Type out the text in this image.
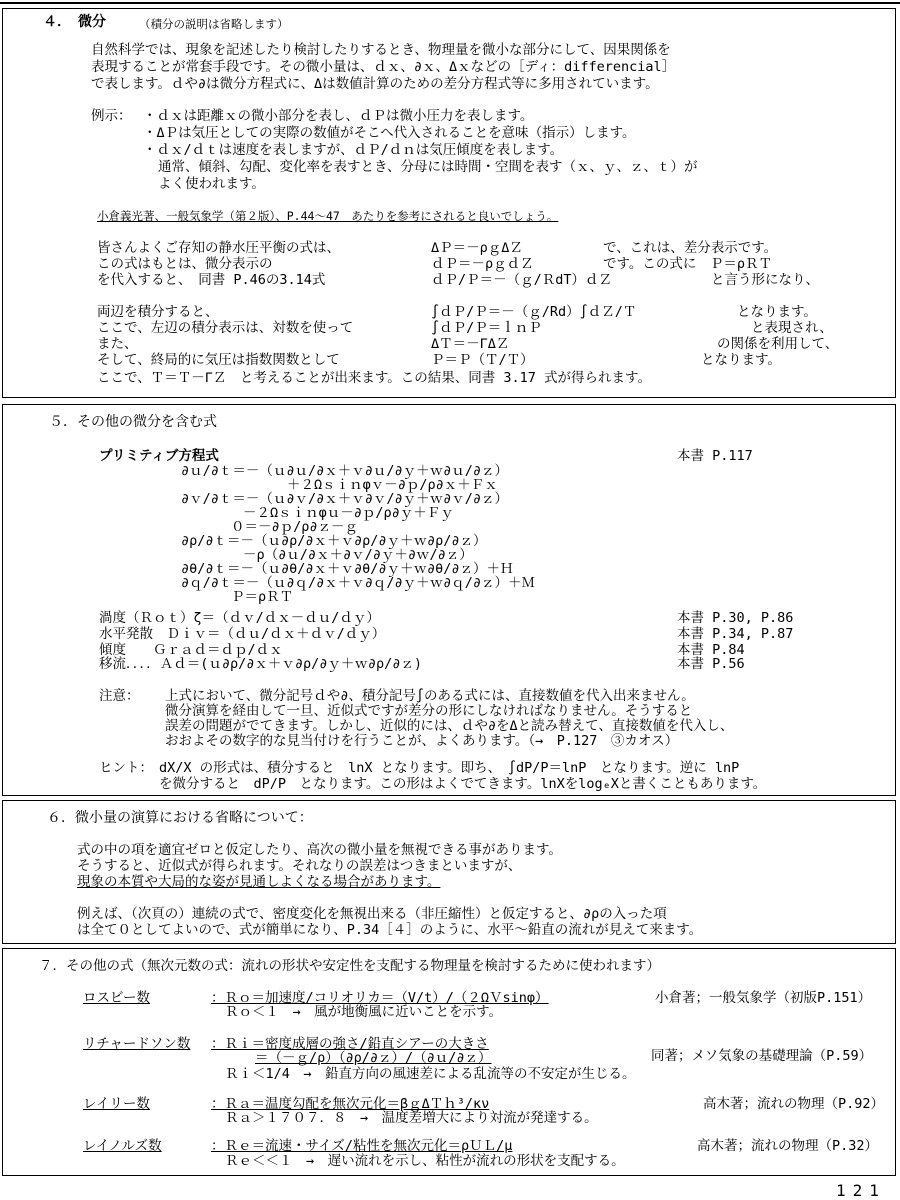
４．　微分	（積分の説明は省略します）
自然科学では、現象を記述したり検討したりするとき、物理量を微小な部分にして、因果関係を
表現することが常套手段です。その微小量は、ｄｘ、∂ｘ、Δｘなどの［ディ：differencial］
で表します。ｄや∂は微分方程式に、Δは数値計算のための差分方程式等に多用されています。
例示： ・ｄｘは距離ｘの微小部分を表し、ｄＰは微小圧力を表します。
・ΔＰは気圧としての実際の数値がそこへ代入されることを意味（指示）します。
・ｄｘ/ｄｔは速度を表しますが、ｄＰ/ｄｎは気圧傾度を表します。
通常、傾斜、勾配、変化率を表すとき、分母には時間・空間を表す（ｘ、ｙ、ｚ、ｔ）が
よく使われます。
小倉義光著、一般気象学（第２版）、P.44～47　あたりを参考にされると良いでしょう。
皆さんよくご存知の静水圧平衡の式は、	ΔＰ＝－ρｇΔＺ	で、これは、差分表示です。
この式はもとは、微分表示の	ｄＰ＝－ρｇｄＺ	です。この式に　Ｐ＝ρＲＴ
を代入すると、　同書 P.46の3.14式	ｄＰ/Ｐ＝－（ｇ/ＲdT）ｄＺ	と言う形になり、
両辺を積分すると、	∫ｄＰ/Ｐ＝－（ｇ/Rd）∫ｄＺ/Ｔ	となります。
ここで、左辺の積分表示は、対数を使って	∫ｄＰ/Ｐ＝ｌｎＰ	と表現され、
また、	ΔＴ＝－ΓΔＺ	の関係を利用して、
そして、終局的に気圧は指数関数として	Ｐ＝Ｐ（Ｔ/Ｔ）	となります。
ここで、Ｔ＝Ｔ－ΓＺ　と考えることが出来ます。この結果、同書 3.17 式が得られます。
５．その他の微分を含む式
プリミティブ方程式	本書 P.117
∂ｕ/∂ｔ＝－（ｕ∂ｕ/∂ｘ＋ｖ∂ｕ/∂ｙ＋ｗ∂ｕ/∂ｚ）
＋２Ωｓｉｎφｖ－∂ｐ/ρ∂ｘ＋Ｆｘ
∂ｖ/∂ｔ＝－（ｕ∂ｖ/∂ｘ＋ｖ∂ｖ/∂ｙ＋ｗ∂ｖ/∂ｚ）
－２Ωｓｉｎφｕ－∂ｐ/ρ∂ｙ＋Ｆｙ
０＝－∂ｐ/ρ∂ｚ－ｇ
∂ρ/∂ｔ＝－（ｕ∂ρ/∂ｘ＋ｖ∂ρ/∂ｙ＋ｗ∂ρ/∂ｚ）
－ρ（∂ｕ/∂ｘ＋∂ｖ/∂ｙ＋∂ｗ/∂ｚ）
∂θ/∂ｔ＝－（ｕ∂θ/∂ｘ＋ｖ∂θ/∂ｙ＋ｗ∂θ/∂ｚ）＋Ｈ
∂ｑ/∂ｔ＝－（ｕ∂ｑ/∂ｘ＋ｖ∂ｑ/∂ｙ＋ｗ∂ｑ/∂ｚ）＋Ｍ
Ｐ＝ρＲＴ
渦度（Ｒｏｔ）ζ＝（ｄｖ/ｄｘ－ｄｕ/ｄｙ）	本書 P.30, P.86
水平発散　Ｄｉｖ＝（ｄｕ/ｄｘ＋ｄｖ/ｄｙ）	本書 P.34, P.87
傾度　　Ｇｒａｄ＝ｄｐ/ｄｘ	本書 P.84
移流．．．．Ａｄ＝(ｕ∂ρ/∂ｘ＋ｖ∂ρ/∂ｙ＋ｗ∂ρ/∂ｚ)	本書 P.56
注意： 上式において、微分記号ｄや∂、積分記号∫のある式には、直接数値を代入出来ません。
微分演算を経由して一旦、近似式ですが差分の形にしなければなりません。そうすると
誤差の問題がでてきます。しかし、近似的には、ｄや∂をΔと読み替えて、直接数値を代入し、
おおよその数字的な見当付けを行うことが、よくあります。（→　P.127　③カオス）
ヒント： dX/X の形式は、積分すると　lnX となります。即ち、　∫dP/P＝lnP　となります。逆に lnP
を微分すると　dP/P　となります。この形はよくでてきます。lnXをlogₑXと書くこともあります。
６．微小量の演算における省略について：
式の中の項を適宜ゼロと仮定したり、高次の微小量を無視できる事があります。
そうすると、近似式が得られます。それなりの誤差はつきまといますが、
現象の本質や大局的な姿が見通しよくなる場合があります。
例えば、（次頁の）連続の式で、密度変化を無視出来る（非圧縮性）と仮定すると、∂ρの入った項
は全て０としてよいので、式が簡単になり、P.34［４］のように、水平～鉛直の流れが見えて来ます。
７．その他の式（無次元数の式：流れの形状や安定性を支配する物理量を検討するために使われます）
ロスビー数	：Ｒｏ＝加速度/コリオリカ＝（V/t）/（２ΩＶsinφ）	小倉著；一般気象学（初版P.151）
Ｒｏ＜１　→　風が地衡風に近いことを示す。
リチャードソン数 ：Ｒｉ＝密度成層の強さ/鉛直シアーの大きさ
＝（－ｇ/ρ）（∂ρ/∂ｚ）/（∂ｕ/∂ｚ）	同著；メソ気象の基礎理論（P.59）
Ｒｉ＜1/4　→　鉛直方向の風速差による乱流等の不安定が生じる。
レイリー数	：Ｒａ＝温度勾配を無次元化＝βｇΔＴｈ³/κν	高木著；流れの物理（P.92）
Ｒａ＞１７０７．８　→　温度差増大により対流が発達する。
レイノルズ数	：Ｒｅ＝流速・サイズ/粘性を無次元化＝ρＵＬ/μ	高木著；流れの物理（P.32）
Ｒｅ＜＜１　→　遅い流れを示し、粘性が流れの形状を支配する。
121
